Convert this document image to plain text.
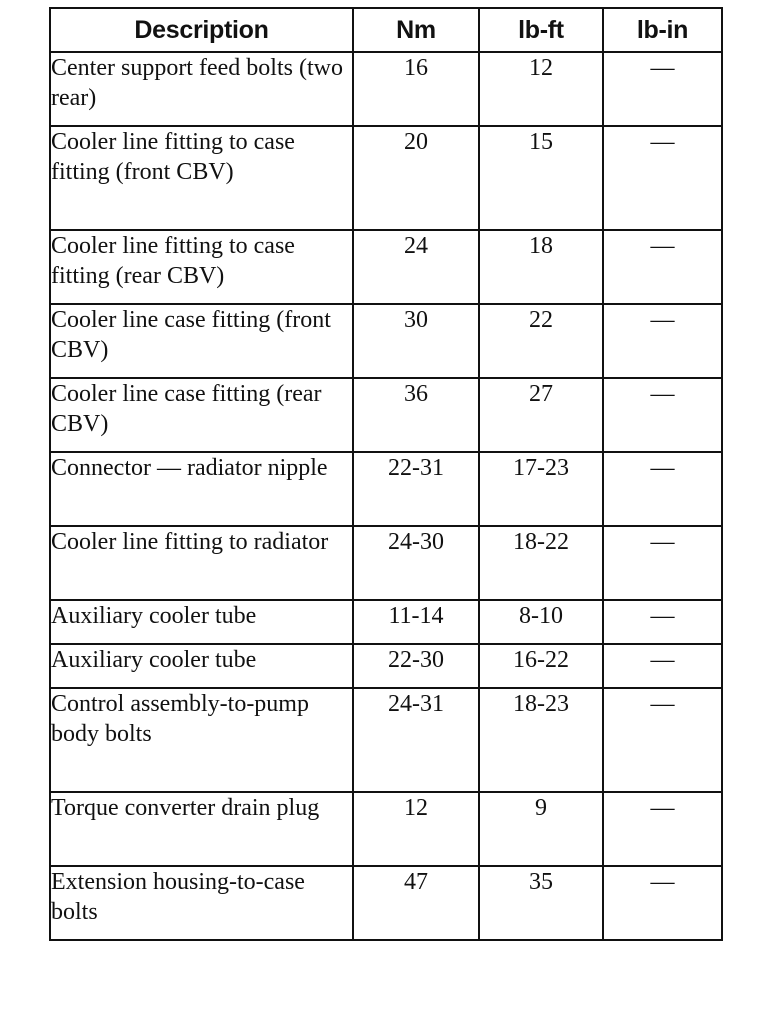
Description	Nm	lb-ft	lb-in
Center support feed bolts (two rear)	16	12	—
Cooler line fitting to case fitting (front CBV)	20	15	—
Cooler line fitting to case fitting (rear CBV)	24	18	—
Cooler line case fitting (front CBV)	30	22	—
Cooler line case fitting (rear CBV)	36	27	—
Connector — radiator nipple	22-31	17-23	—
Cooler line fitting to radiator	24-30	18-22	—
Auxiliary cooler tube	11-14	8-10	—
Auxiliary cooler tube	22-30	16-22	—
Control assembly-to-pump body bolts	24-31	18-23	—
Torque converter drain plug	12	9	—
Extension housing-to-case bolts	47	35	—
